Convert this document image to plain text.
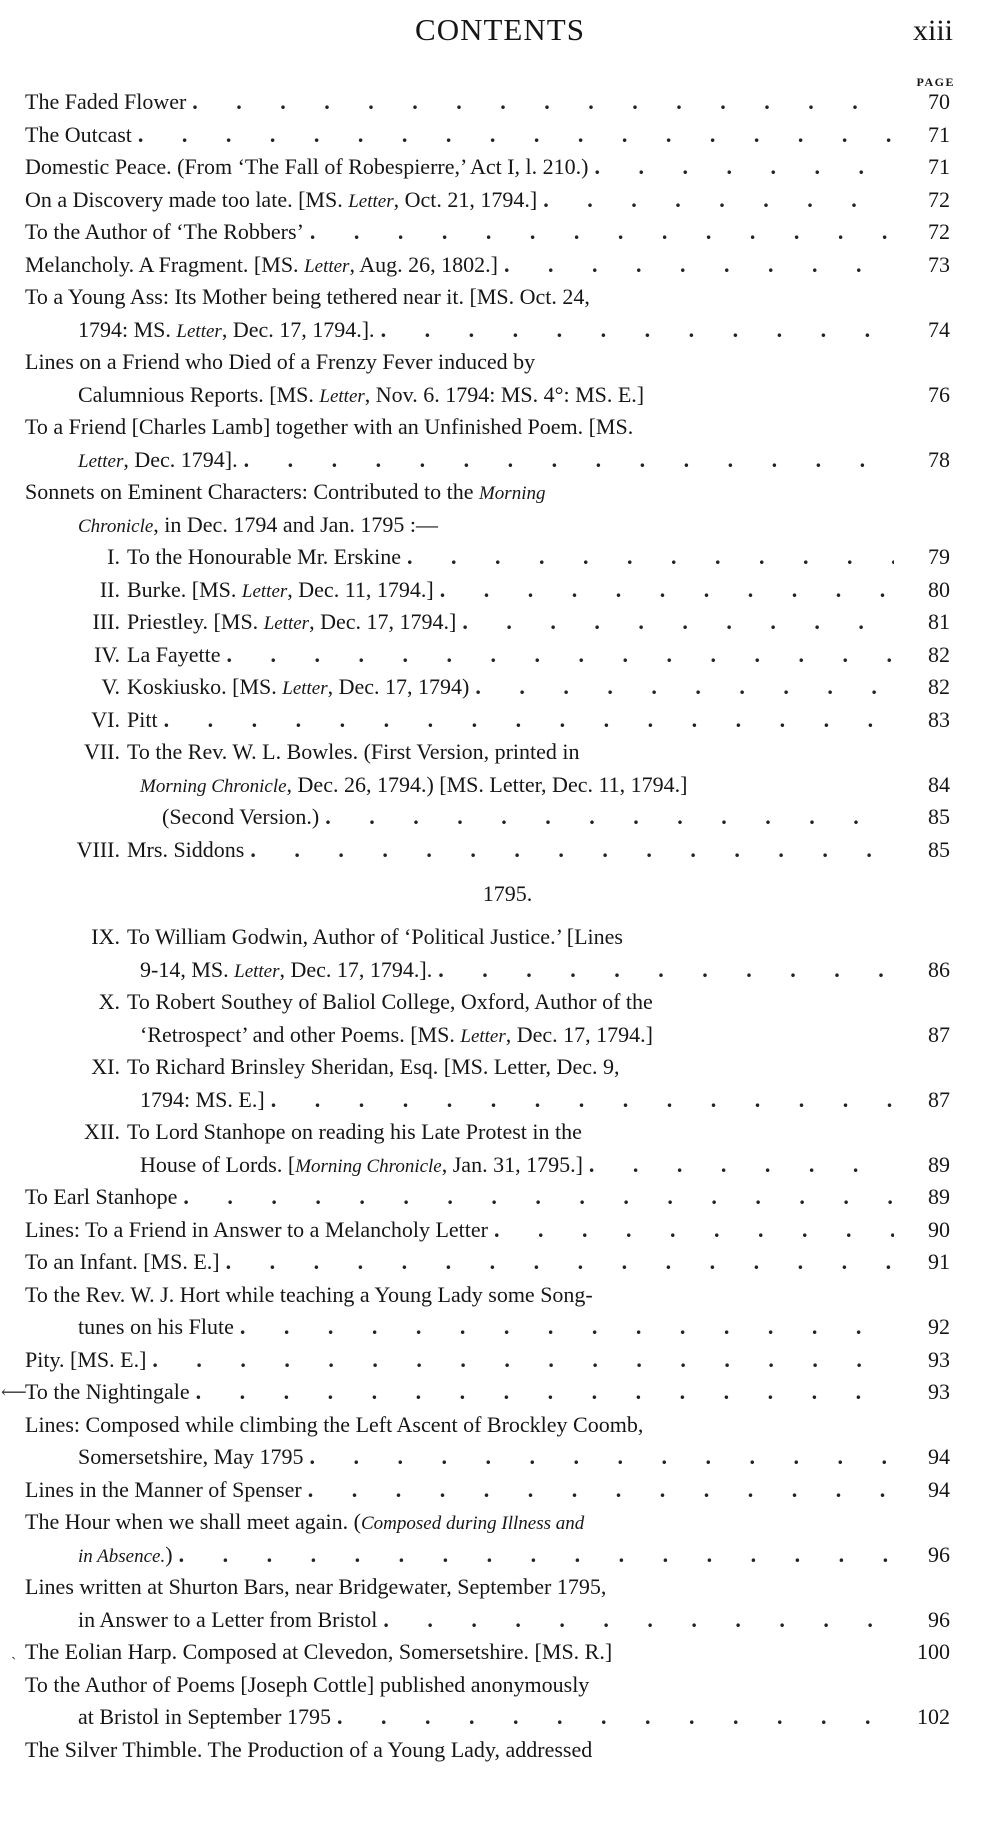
CONTENTS	xiii
PAGE
The Faded Flower .	70
The Outcast .	71
Domestic Peace. (From ‘The Fall of Robespierre,’ Act I, l. 210.) .	71
On a Discovery made too late. [MS. Letter, Oct. 21, 1794.] .	72
To the Author of ‘The Robbers’ .	72
Melancholy. A Fragment. [MS. Letter, Aug. 26, 1802.] .	73
To a Young Ass: Its Mother being tethered near it. [MS. Oct. 24,
1794: MS. Letter, Dec. 17, 1794.]. .	74
Lines on a Friend who Died of a Frenzy Fever induced by
Calumnious Reports. [MS. Letter, Nov. 6. 1794: MS. 4°: MS. E.]	76
To a Friend [Charles Lamb] together with an Unfinished Poem. [MS.
Letter, Dec. 1794]. .	78
Sonnets on Eminent Characters: Contributed to the Morning
Chronicle, in Dec. 1794 and Jan. 1795 :—
I. To the Honourable Mr. Erskine .	79
II. Burke. [MS. Letter, Dec. 11, 1794.] .	80
III. Priestley. [MS. Letter, Dec. 17, 1794.] .	81
IV. La Fayette .	82
V. Koskiusko. [MS. Letter, Dec. 17, 1794) .	82
VI. Pitt .	83
VII. To the Rev. W. L. Bowles. (First Version, printed in
Morning Chronicle, Dec. 26, 1794.) [MS. Letter, Dec. 11, 1794.]	84
(Second Version.) .	85
VIII. Mrs. Siddons .	85
1795.
IX. To William Godwin, Author of ‘Political Justice.’ [Lines
9-14, MS. Letter, Dec. 17, 1794.]. .	86
X. To Robert Southey of Baliol College, Oxford, Author of the
‘Retrospect’ and other Poems. [MS. Letter, Dec. 17, 1794.]	87
XI. To Richard Brinsley Sheridan, Esq. [MS. Letter, Dec. 9,
1794: MS. E.] .	87
XII. To Lord Stanhope on reading his Late Protest in the
House of Lords. [Morning Chronicle, Jan. 31, 1795.] .	89
To Earl Stanhope .	89
Lines: To a Friend in Answer to a Melancholy Letter .	90
To an Infant. [MS. E.] .	91
To the Rev. W. J. Hort while teaching a Young Lady some Song-
tunes on his Flute .	92
Pity. [MS. E.] .	93
⟵
To the Nightingale .	93
Lines: Composed while climbing the Left Ascent of Brockley Coomb,
Somersetshire, May 1795 .	94
Lines in the Manner of Spenser .	94
The Hour when we shall meet again. (Composed during Illness and
in Absence.) .	96
Lines written at Shurton Bars, near Bridgewater, September 1795,
in Answer to a Letter from Bristol .	96
ˎ The Eolian Harp. Composed at Clevedon, Somersetshire. [MS. R.]	100
To the Author of Poems [Joseph Cottle] published anonymously
at Bristol in September 1795 .	102
The Silver Thimble. The Production of a Young Lady, addressed
